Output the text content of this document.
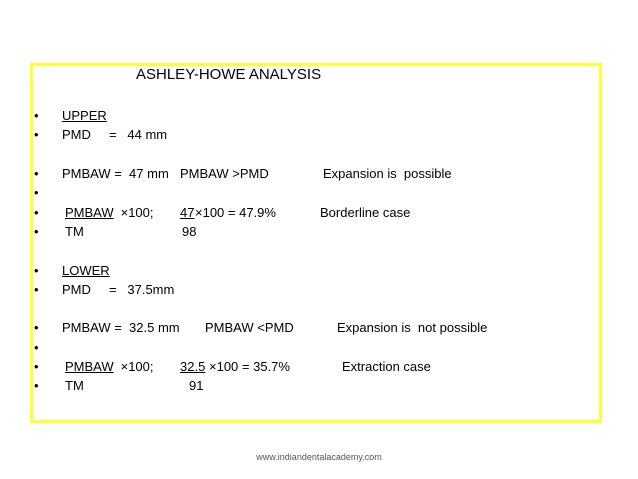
ASHLEY-HOWE ANALYSIS
• UPPER
• PMD     =   44 mm
• PMBAW =  47 mm PMBAW >PMD	Expansion is  possible
•
• PMBAW ×100; 47 ×100 = 47.9%	Borderline case
• TM	98
• LOWER
• PMD     =   37.5mm
• PMBAW =  32.5 mm PMBAW <PMD	Expansion is  not possible
•
• PMBAW ×100; 32.5 ×100 = 35.7%	Extraction case
• TM	91
www.indiandentalacademy.com
